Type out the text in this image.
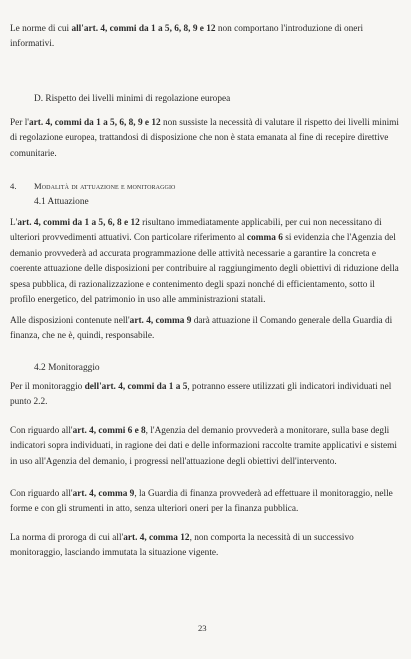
Le norme di cui all'art. 4, commi da 1 a 5, 6, 8, 9 e 12 non comportano l'introduzione di oneri informativi.

D. Rispetto dei livelli minimi di regolazione europea

Per l'art. 4, commi da 1 a 5, 6, 8, 9 e 12 non sussiste la necessità di valutare il rispetto dei livelli minimi di regolazione europea, trattandosi di disposizione che non è stata emanata al fine di recepire direttive comunitarie.

4. Modalità di attuazione e monitoraggio
4.1 Attuazione

L'art. 4, commi da 1 a 5, 6, 8 e 12 risultano immediatamente applicabili, per cui non necessitano di ulteriori provvedimenti attuativi. Con particolare riferimento al comma 6 si evidenzia che l'Agenzia del demanio provvederà ad accurata programmazione delle attività necessarie a garantire la concreta e coerente attuazione delle disposizioni per contribuire al raggiungimento degli obiettivi di riduzione della spesa pubblica, di razionalizzazione e contenimento degli spazi nonché di efficientamento, sotto il profilo energetico, del patrimonio in uso alle amministrazioni statali.

Alle disposizioni contenute nell'art. 4, comma 9 darà attuazione il Comando generale della Guardia di finanza, che ne è, quindi, responsabile.

4.2 Monitoraggio

Per il monitoraggio dell'art. 4, commi da 1 a 5, potranno essere utilizzati gli indicatori individuati nel punto 2.2.

Con riguardo all'art. 4, commi 6 e 8, l'Agenzia del demanio provvederà a monitorare, sulla base degli indicatori sopra individuati, in ragione dei dati e delle informazioni raccolte tramite applicativi e sistemi in uso all'Agenzia del demanio, i progressi nell'attuazione degli obiettivi dell'intervento.

Con riguardo all'art. 4, comma 9, la Guardia di finanza provvederà ad effettuare il monitoraggio, nelle forme e con gli strumenti in atto, senza ulteriori oneri per la finanza pubblica.

La norma di proroga di cui all'art. 4, comma 12, non comporta la necessità di un successivo monitoraggio, lasciando immutata la situazione vigente.

23
